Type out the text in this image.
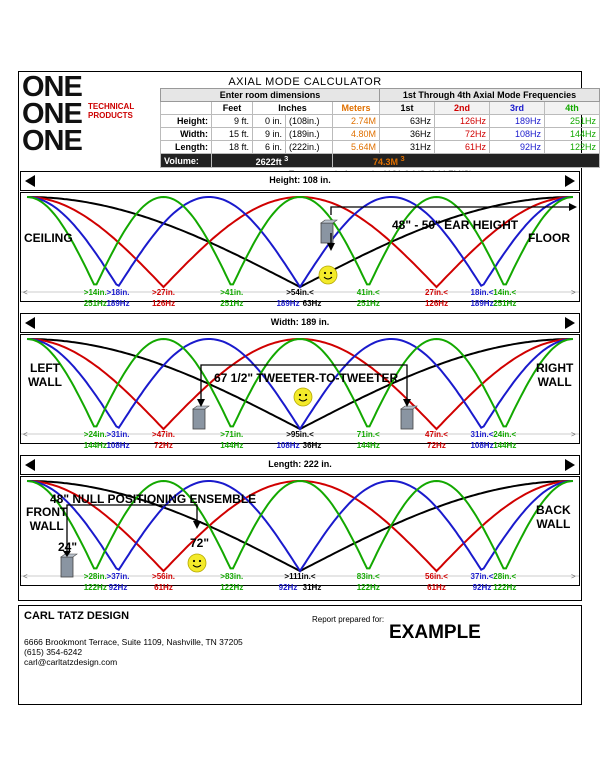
ONE
ONE
ONE
TECHNICAL
PRODUCTS
AXIAL MODE CALCULATOR
Enter room dimensions					1st Through 4th Axial Mode Frequencies			
	Feet	Inches		Meters	1st	2nd	3rd	4th
Height:	9 ft.	0 in.	(108in.)	2.74M	63Hz	126Hz	189Hz	251Hz
Width:	15 ft.	9 in.	(189in.)	4.80M	36Hz	72Hz	108Hz	144Hz
Length:	18 ft.	6 in.	(222in.)	5.64M	31Hz	61Hz	92Hz	122Hz
Volume:	2622ft $^3$			74.3M $^3$

Height: 108 in.
<	>
>14in.
251Hz
>18in.
189Hz
>27in.
126Hz
>41in.
251Hz
>54in.<
189Hz 63Hz
41in.<
251Hz
27in.<
126Hz
18in.<
189Hz
14in.<
251Hz
Width: 189 in.
<	>
>24in.
144Hz
>31in.
108Hz
>47in.
72Hz
>71in.
144Hz
>95in.<
108Hz 36Hz
71in.<
144Hz
47in.<
72Hz
31in.<
108Hz
24in.<
144Hz
Length: 222 in.
<	>
>28in.
122Hz
>37in.
92Hz
>56in.
61Hz
>83in.
122Hz
>111in.<
92Hz 31Hz
83in.<
122Hz
56in.<
61Hz
37in.<
92Hz
28in.<
122Hz
CEILING	FLOOR
48" - 50" EAR HEIGHT
LEFT
WALL
RIGHT
WALL
67 1/2" TWEETER-TO-TWEETER
FRONT
WALL
BACK
WALL
48" NULL POSITIONING ENSEMBLE
24"	72"
CARL TATZ DESIGN
6666 Brookmont Terrace, Suite 1109, Nashville, TN 37205
(615) 354-6242
carl@carltatzdesign.com
Report prepared for:
EXAMPLE
